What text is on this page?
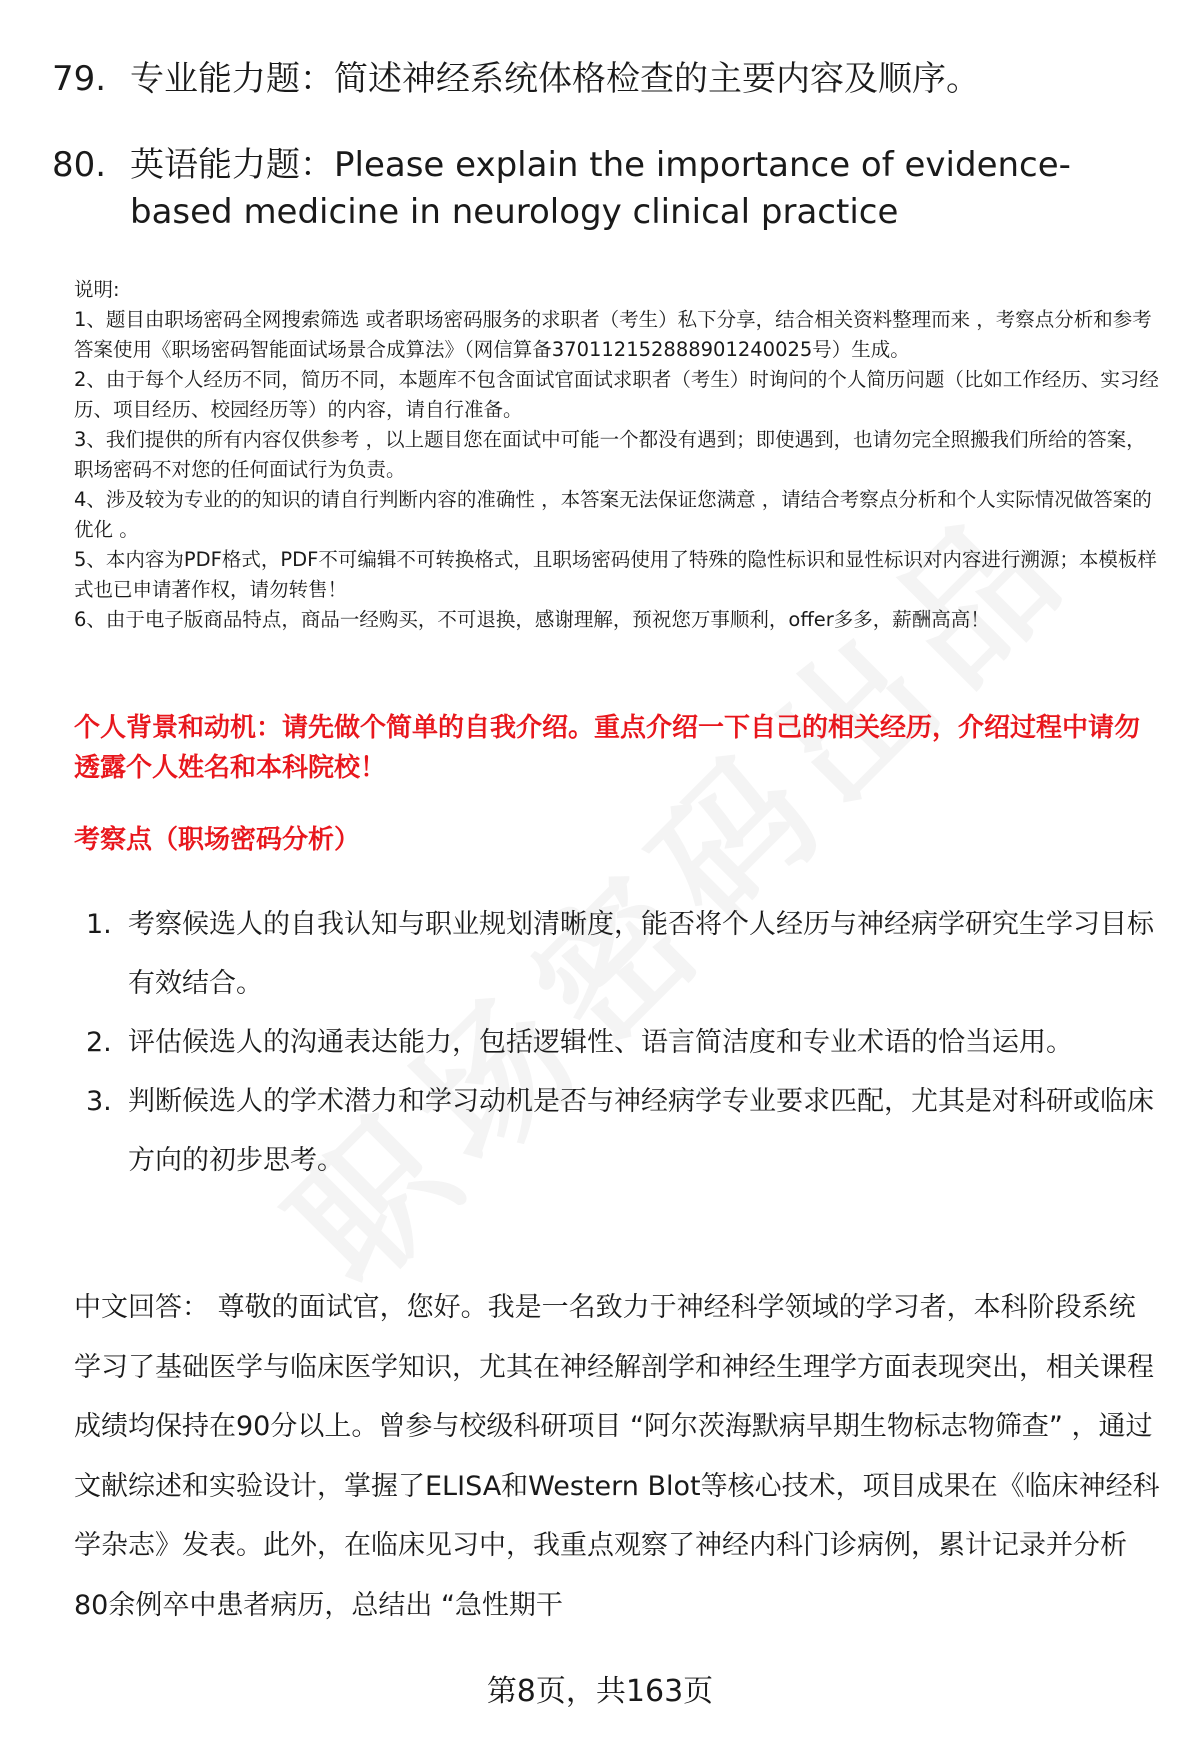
79. 专业能力题：简述神经系统体格检查的主要内容及顺序。
80. 英语能力题：Please explain the importance of evidence-based medicine in neurology clinical practice

说明:

1、题目由职场密码全网搜索筛选 或者职场密码服务的求职者（考生）私下分享，结合相关资料整理而来 ，考察点分析和参考答案使用《职场密码智能面试场景合成算法》（网信算备370112152888901240025号）生成。

2、由于每个人经历不同，简历不同，本题库不包含面试官面试求职者（考生）时询问的个人简历问题（比如工作经历、实习经历、项目经历、校园经历等）的内容，请自行准备。

3、我们提供的所有内容仅供参考 ，以上题目您在面试中可能一个都没有遇到；即使遇到，也请勿完全照搬我们所给的答案，职场密码不对您的任何面试行为负责。

4、涉及较为专业的的知识的请自行判断内容的准确性 ，本答案无法保证您满意 ，请结合考察点分析和个人实际情况做答案的优化 。

5、本内容为PDF格式，PDF不可编辑不可转换格式，且职场密码使用了特殊的隐性标识和显性标识对内容进行溯源；本模板样式也已申请著作权，请勿转售！

6、由于电子版商品特点，商品一经购买，不可退换，感谢理解，预祝您万事顺利，offer多多，薪酬高高！

个人背景和动机：请先做个简单的自我介绍。重点介绍一下自己的相关经历，介绍过程中请勿透露个人姓名和本科院校！
考察点（职场密码分析）
1. 考察候选人的自我认知与职业规划清晰度，能否将个人经历与神经病学研究生学习目标有效结合。
2. 评估候选人的沟通表达能力，包括逻辑性、语言简洁度和专业术语的恰当运用。
3. 判断候选人的学术潜力和学习动机是否与神经病学专业要求匹配，尤其是对科研或临床方向的初步思考。
中文回答： 尊敬的面试官，您好。我是一名致力于神经科学领域的学习者，本科阶段系统学习了基础医学与临床医学知识，尤其在神经解剖学和神经生理学方面表现突出，相关课程成绩均保持在90分以上。曾参与校级科研项目 “阿尔茨海默病早期生物标志物筛查” ，通过文献综述和实验设计，掌握了ELISA和Western Blot等核心技术，项目成果在《临床神经科学杂志》发表。此外，在临床见习中，我重点观察了神经内科门诊病例，累计记录并分析80余例卒中患者病历，总结出 “急性期干
第8页，共163页
